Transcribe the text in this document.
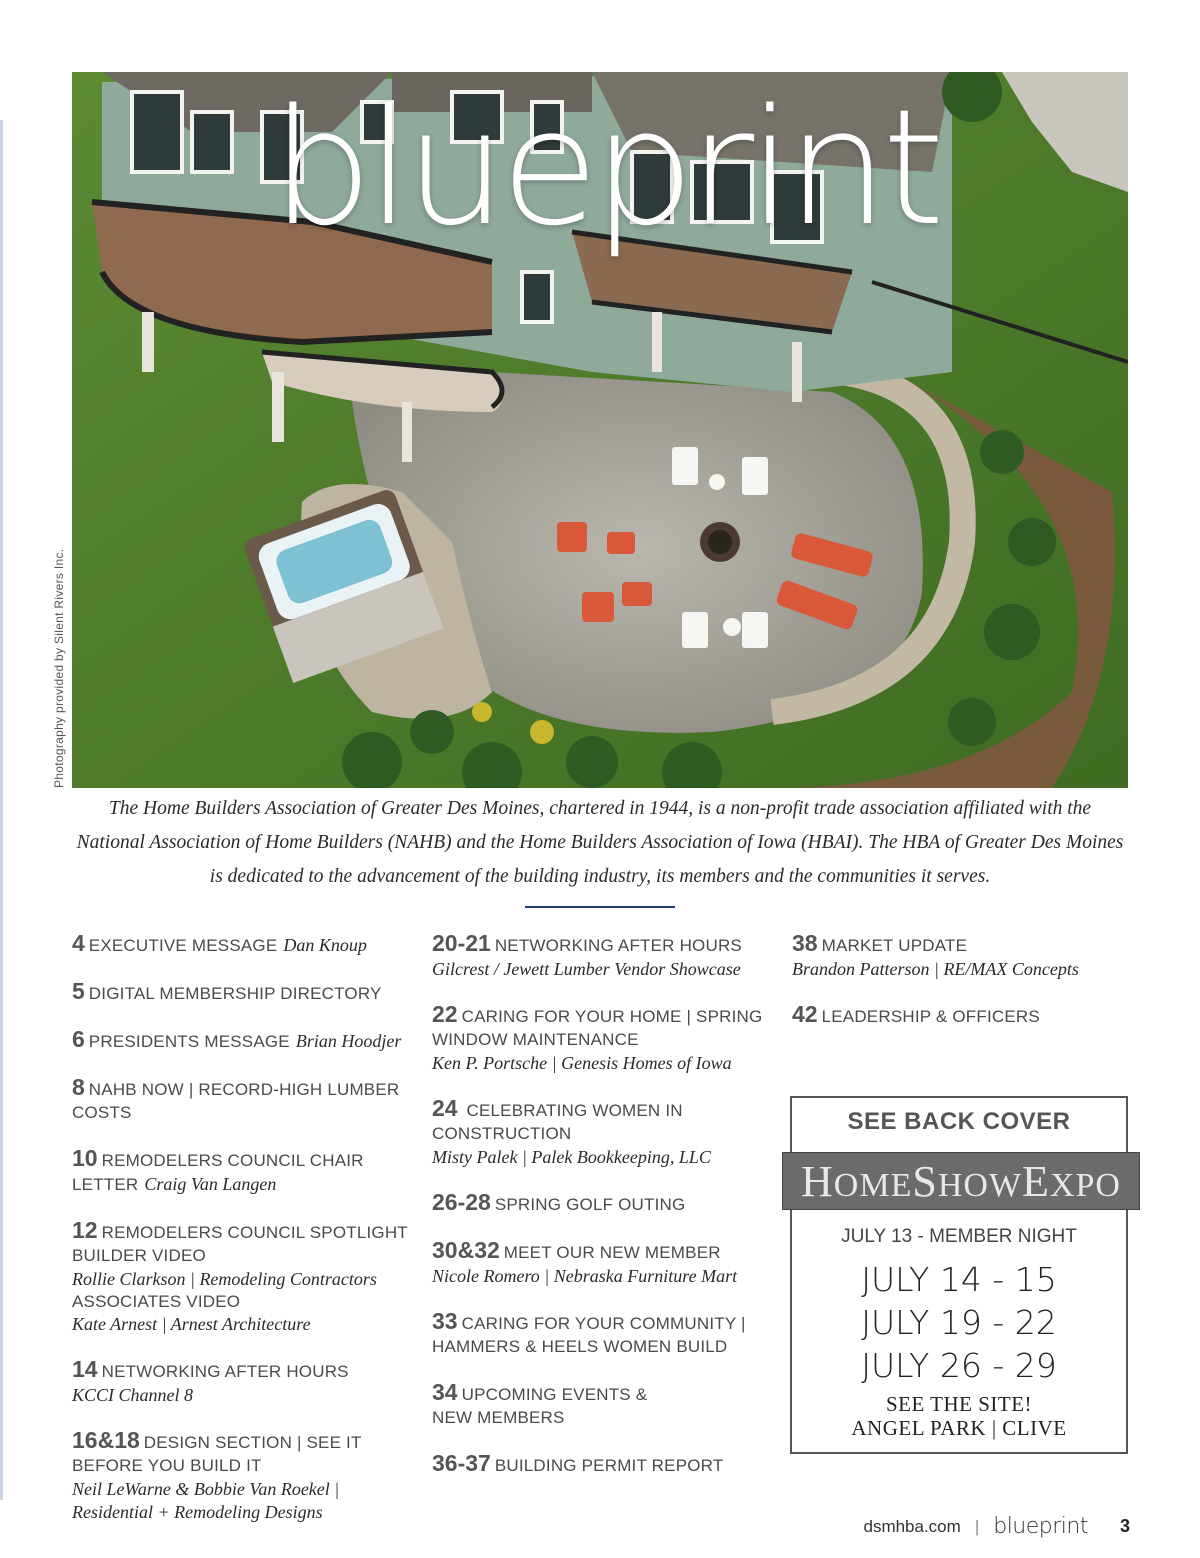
Photography provided by Silent Rivers Inc.
blueprint
The Home Builders Association of Greater Des Moines, chartered in 1944, is a non-profit trade association affiliated with the
National Association of Home Builders (NAHB) and the Home Builders Association of Iowa (HBAI). The HBA of Greater Des Moines
is dedicated to the advancement of the building industry, its members and the communities it serves.
4 EXECUTIVE MESSAGE Dan Knoup
5 DIGITAL MEMBERSHIP DIRECTORY
6 PRESIDENTS MESSAGE Brian Hoodjer
8 NAHB NOW | RECORD-HIGH LUMBER
COSTS
10 REMODELERS COUNCIL CHAIR
LETTER Craig Van Langen
12 REMODELERS COUNCIL SPOTLIGHT
BUILDER VIDEO
Rollie Clarkson | Remodeling Contractors
ASSOCIATES VIDEO
Kate Arnest | Arnest Architecture
14 NETWORKING AFTER HOURS
KCCI Channel 8
16&18 DESIGN SECTION | SEE IT
BEFORE YOU BUILD IT
Neil LeWarne & Bobbie Van Roekel |
Residential + Remodeling Designs
20-21 NETWORKING AFTER HOURS
Gilcrest / Jewett Lumber Vendor Showcase
22 CARING FOR YOUR HOME | SPRING
WINDOW MAINTENANCE
Ken P. Portsche | Genesis Homes of Iowa
24 CELEBRATING WOMEN IN
CONSTRUCTION
Misty Palek | Palek Bookkeeping, LLC
26-28 SPRING GOLF OUTING
30&32 MEET OUR NEW MEMBER
Nicole Romero | Nebraska Furniture Mart
33 CARING FOR YOUR COMMUNITY |
HAMMERS & HEELS WOMEN BUILD
34 UPCOMING EVENTS &
NEW MEMBERS
36-37 BUILDING PERMIT REPORT
38 MARKET UPDATE
Brandon Patterson | RE/MAX Concepts
42 LEADERSHIP & OFFICERS
SEE BACK COVER
HOMESHOWEXPO
JULY 13 - MEMBER NIGHT
JULY 14 - 15
JULY 19 - 22
JULY 26 - 29
SEE THE SITE!
ANGEL PARK | CLIVE
dsmhba.com | blueprint 3
